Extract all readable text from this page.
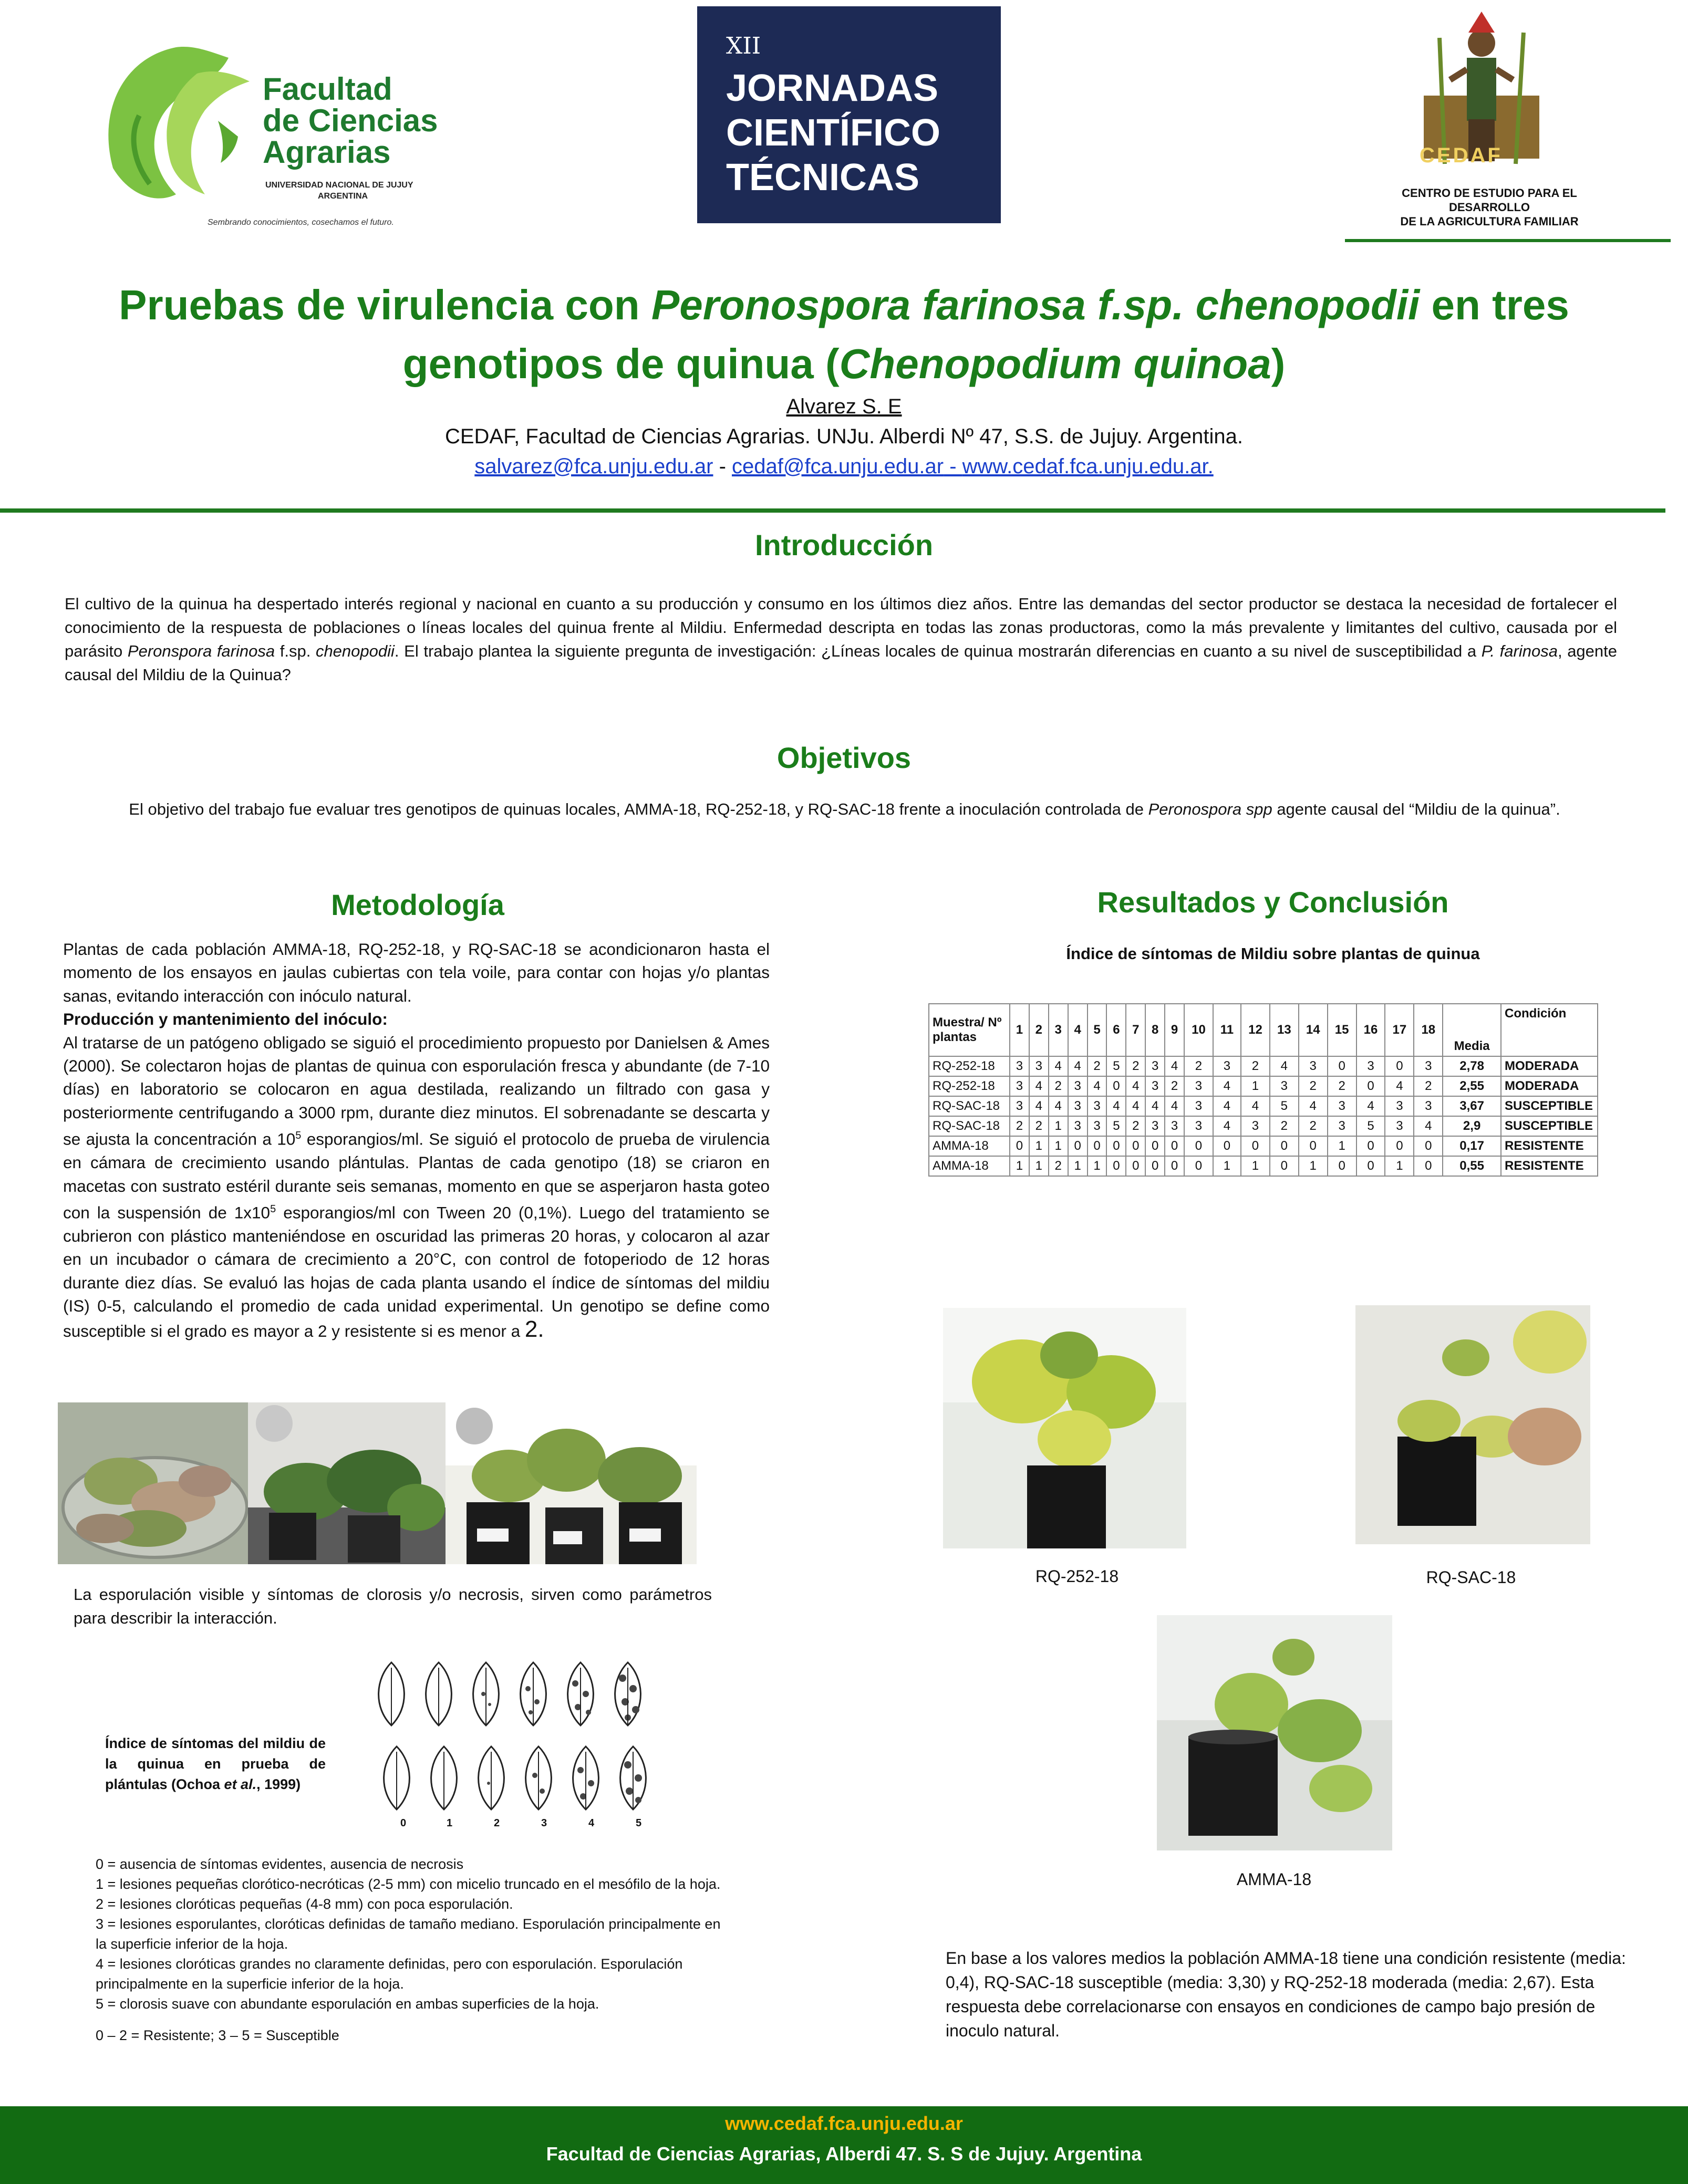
Facultad
de Ciencias
Agrarias
UNIVERSIDAD NACIONAL DE JUJUY
ARGENTINA
Sembrando conocimientos, cosechamos el futuro.
XII
JORNADAS
CIENTÍFICO
TÉCNICAS
CEDAF
CENTRO DE ESTUDIO PARA EL
DESARROLLO
DE LA AGRICULTURA FAMILIAR
Pruebas de virulencia con Peronospora farinosa f.sp. chenopodii en tres
genotipos de quinua (Chenopodium quinoa)
Alvarez S. E
CEDAF, Facultad de Ciencias Agrarias. UNJu. Alberdi Nº 47, S.S. de Jujuy. Argentina.
salvarez@fca.unju.edu.ar - cedaf@fca.unju.edu.ar - www.cedaf.fca.unju.edu.ar.
Introducción
El cultivo de la quinua ha despertado interés regional y nacional en cuanto a su producción y consumo en los últimos diez años. Entre las demandas del sector productor se destaca la necesidad de fortalecer el conocimiento de la respuesta de poblaciones o líneas locales del quinua frente al Mildiu. Enfermedad descripta en todas las zonas productoras, como la más prevalente y limitantes del cultivo, causada por el parásito Peronspora farinosa f.sp. chenopodii. El trabajo plantea la siguiente pregunta de investigación: ¿Líneas locales de quinua mostrarán diferencias en cuanto a su nivel de susceptibilidad a P. farinosa, agente causal del Mildiu de la Quinua?
Objetivos
El objetivo del trabajo fue evaluar tres genotipos de quinuas locales, AMMA-18, RQ-252-18, y RQ-SAC-18 frente a inoculación controlada de Peronospora spp agente causal del “Mildiu de la quinua”.
Metodología
Plantas de cada población AMMA-18, RQ-252-18, y RQ-SAC-18 se acondicionaron hasta el momento de los ensayos en jaulas cubiertas con tela voile, para contar con hojas y/o plantas sanas, evitando interacción con inóculo natural.
Producción y mantenimiento del inóculo:
Al tratarse de un patógeno obligado se siguió el procedimiento propuesto por Danielsen & Ames (2000). Se colectaron hojas de plantas de quinua con esporulación fresca y abundante (de 7-10 días) en laboratorio se colocaron en agua destilada, realizando un filtrado con gasa y posteriormente centrifugando a 3000 rpm, durante diez minutos. El sobrenadante se descarta y se ajusta la concentración a $10^5$ esporangios/ml. Se siguió el protocolo de prueba de virulencia en cámara de crecimiento usando plántulas. Plantas de cada genotipo (18) se criaron en macetas con sustrato estéril durante seis semanas, momento en que se asperjaron hasta goteo con la suspensión de $1x10^5$ esporangios/ml con Tween 20 (0,1%). Luego del tratamiento se cubrieron con plástico manteniéndose en oscuridad las primeras 20 horas, y colocaron al azar en un incubador o cámara de crecimiento a 20°C, con control de fotoperiodo de 12 horas durante diez días. Se evaluó las hojas de cada planta usando el índice de síntomas del mildiu (IS) 0-5, calculando el promedio de cada unidad experimental. Un genotipo se define como susceptible si el grado es mayor a 2 y resistente si es menor a 2.
La esporulación visible y síntomas de clorosis y/o necrosis, sirven como parámetros para describir la interacción.
0	1	2	3	4	5
Índice de síntomas del mildiu de la quinua en prueba de plántulas (Ochoa et al., 1999)
0 = ausencia de síntomas evidentes, ausencia de necrosis
1 = lesiones pequeñas clorótico-necróticas (2-5 mm) con micelio truncado en el mesófilo de la hoja.
2 = lesiones cloróticas pequeñas (4-8 mm) con poca esporulación.
3 = lesiones esporulantes, cloróticas definidas de tamaño mediano. Esporulación principalmente en la superficie inferior de la hoja.
4 = lesiones cloróticas grandes no claramente definidas, pero con esporulación. Esporulación principalmente en la superficie inferior de la hoja.
5 = clorosis suave con abundante esporulación en ambas superficies de la hoja.
0 – 2 = Resistente; 3 – 5 = Susceptible
Resultados y Conclusión
Índice de síntomas de Mildiu sobre plantas de quinua
Muestra/ Nº plantas	1	2	3	4	5	6	7	8	9	10	11	12	13	14	15	16	17	18	Media	Condición
RQ-252-18	3	3	4	4	2	5	2	3	4	2	3	2	4	3	0	3	0	3	2,78	MODERADA
RQ-252-18	3	4	2	3	4	0	4	3	2	3	4	1	3	2	2	0	4	2	2,55	MODERADA
RQ-SAC-18	3	4	4	3	3	4	4	4	4	3	4	4	5	4	3	4	3	3	3,67	SUSCEPTIBLE
RQ-SAC-18	2	2	1	3	3	5	2	3	3	3	4	3	2	2	3	5	3	4	2,9	SUSCEPTIBLE
AMMA-18	0	1	1	0	0	0	0	0	0	0	0	0	0	0	1	0	0	0	0,17	RESISTENTE
AMMA-18	1	1	2	1	1	0	0	0	0	0	1	1	0	1	0	0	1	0	0,55	RESISTENTE
RQ-252-18	RQ-SAC-18
AMMA-18
En base a los valores medios la población AMMA-18 tiene una condición resistente (media: 0,4), RQ-SAC-18 susceptible (media: 3,30) y RQ-252-18 moderada (media: 2,67). Esta respuesta debe correlacionarse con ensayos en condiciones de campo bajo presión de inoculo natural.
www.cedaf.fca.unju.edu.ar
Facultad de Ciencias Agrarias, Alberdi 47. S. S de Jujuy. Argentina
